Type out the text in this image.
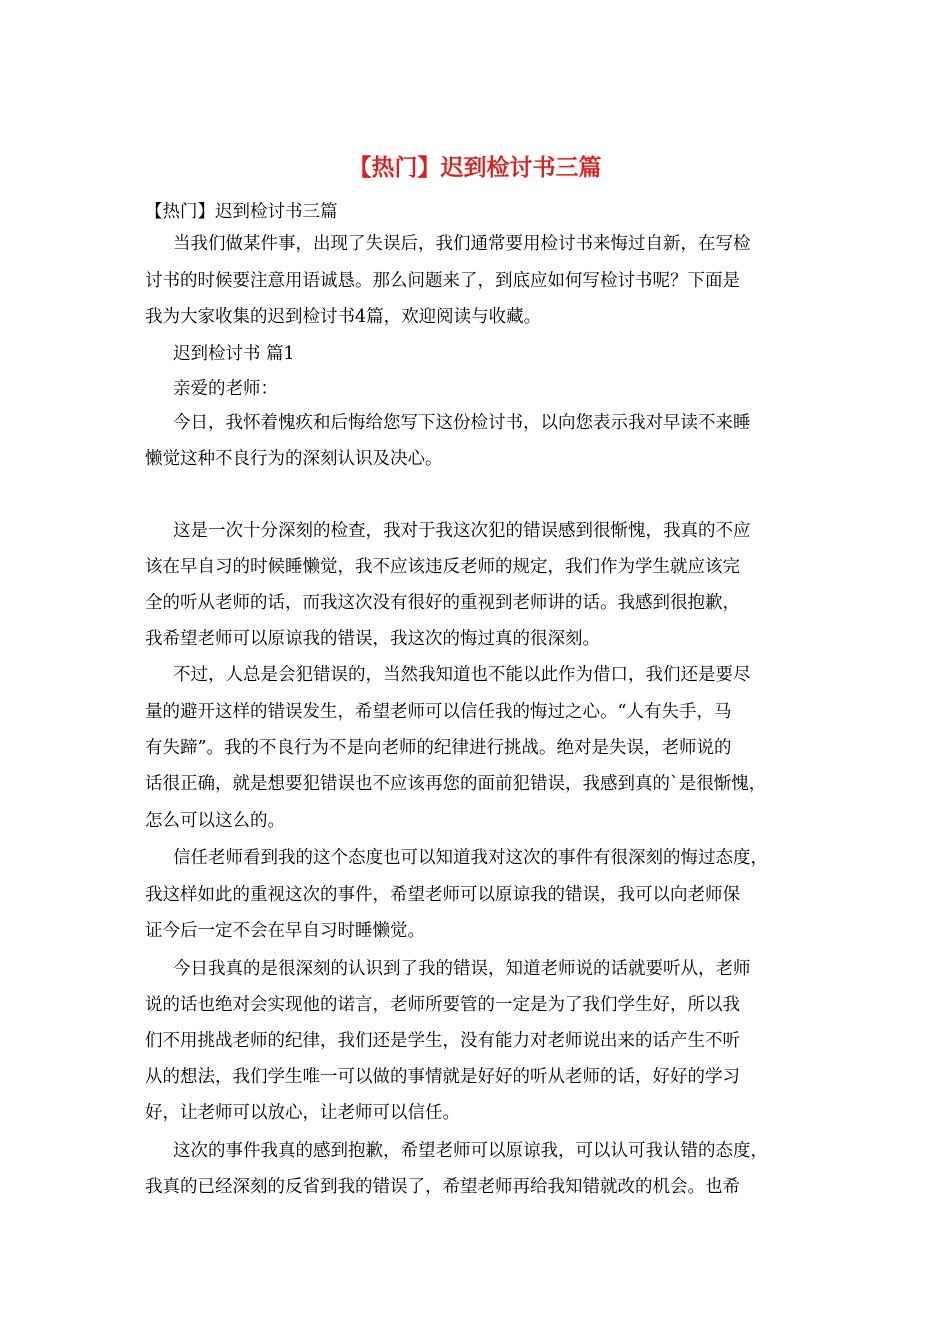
【热门】迟到检讨书三篇

【热门】迟到检讨书三篇

当我们做某件事，出现了失误后，我们通常要用检讨书来悔过自新，在写检

讨书的时候要注意用语诚恳。那么问题来了，到底应如何写检讨书呢？下面是

我为大家收集的迟到检讨书4篇，欢迎阅读与收藏。

迟到检讨书 篇1

亲爱的老师：

今日，我怀着愧疚和后悔给您写下这份检讨书，以向您表示我对早读不来睡

懒觉这种不良行为的深刻认识及决心。

这是一次十分深刻的检查，我对于我这次犯的错误感到很惭愧，我真的不应

该在早自习的时候睡懒觉，我不应该违反老师的规定，我们作为学生就应该完

全的听从老师的话，而我这次没有很好的重视到老师讲的话。我感到很抱歉，

我希望老师可以原谅我的错误，我这次的悔过真的很深刻。

不过，人总是会犯错误的，当然我知道也不能以此作为借口，我们还是要尽

量的避开这样的错误发生，希望老师可以信任我的悔过之心。“人有失手，马

有失蹄”。我的不良行为不是向老师的纪律进行挑战。绝对是失误，老师说的

话很正确，就是想要犯错误也不应该再您的面前犯错误，我感到真的`是很惭愧，

怎么可以这么的。

信任老师看到我的这个态度也可以知道我对这次的事件有很深刻的悔过态度，

我这样如此的重视这次的事件，希望老师可以原谅我的错误，我可以向老师保

证今后一定不会在早自习时睡懒觉。

今日我真的是很深刻的认识到了我的错误，知道老师说的话就要听从，老师

说的话也绝对会实现他的诺言，老师所要管的一定是为了我们学生好，所以我

们不用挑战老师的纪律，我们还是学生，没有能力对老师说出来的话产生不听

从的想法，我们学生唯一可以做的事情就是好好的听从老师的话，好好的学习

好，让老师可以放心，让老师可以信任。

这次的事件我真的感到抱歉，希望老师可以原谅我，可以认可我认错的态度，

我真的已经深刻的反省到我的错误了，希望老师再给我知错就改的机会。也希
